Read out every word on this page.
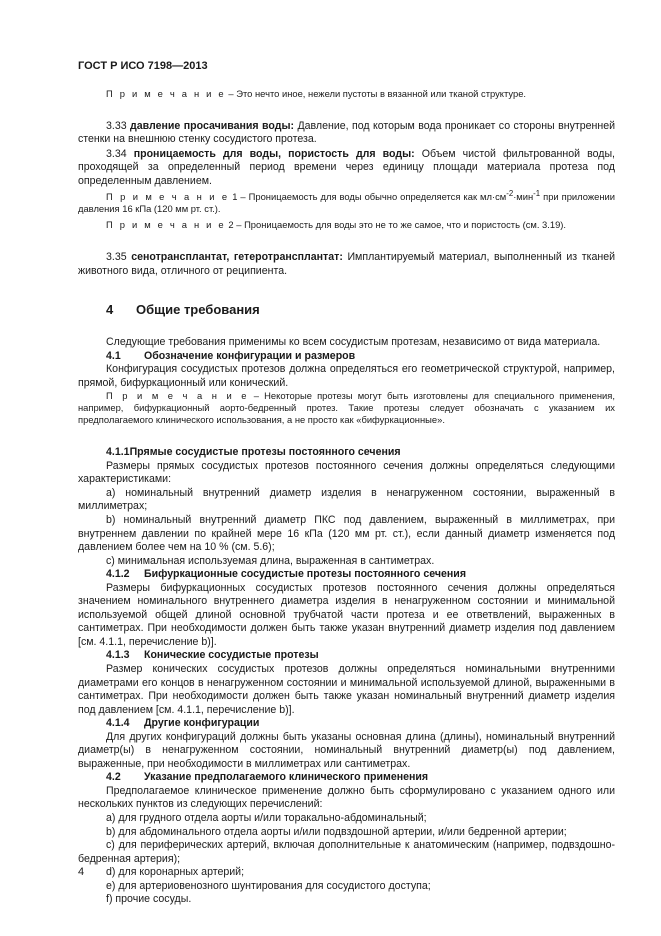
ГОСТ Р ИСО 7198—2013

П р и м е ч а н и е – Это нечто иное, нежели пустоты в вязанной или тканой структуре.

3.33 давление просачивания воды: Давление, под которым вода проникает со стороны внутренней стенки на внешнюю стенку сосудистого протеза.

3.34 проницаемость для воды, пористость для воды: Объем чистой фильтрованной воды, проходящей за определенный период времени через единицу площади материала протеза под определенным давлением.

П р и м е ч а н и е 1 – Проницаемость для воды обычно определяется как $мл\cdot см^{-2}\cdot мин^{-1}$ при приложении давления 16 кПа (120 мм рт. ст.).

П р и м е ч а н и е 2 – Проницаемость для воды это не то же самое, что и пористость (см. 3.19).

3.35 сенотрансплантат, гетеротрансплантат: Имплантируемый материал, выполненный из тканей животного вида, отличного от реципиента.

4 Общие требования

Следующие требования применимы ко всем сосудистым протезам, независимо от вида материала.

4.1 Обозначение конфигурации и размеров

Конфигурация сосудистых протезов должна определяться его геометрической структурой, например, прямой, бифуркационный или конический.

П р и м е ч а н и е – Некоторые протезы могут быть изготовлены для специального применения, например, бифуркационный аорто-бедренный протез. Такие протезы следует обозначать с указанием их предполагаемого клинического использования, а не просто как «бифуркационные».

4.1.1Прямые сосудистые протезы постоянного сечения

Размеры прямых сосудистых протезов постоянного сечения должны определяться следующими характеристиками:

а) номинальный внутренний диаметр изделия в ненагруженном состоянии, выраженный в миллиметрах;

b) номинальный внутренний диаметр ПКС под давлением, выраженный в миллиметрах, при внутреннем давлении по крайней мере 16 кПа (120 мм рт. ст.), если данный диаметр изменяется под давлением более чем на 10 % (см. 5.6);

с) минимальная используемая длина, выраженная в сантиметрах.

4.1.2 Бифуркационные сосудистые протезы постоянного сечения

Размеры бифуркационных сосудистых протезов постоянного сечения должны определяться значением номинального внутреннего диаметра изделия в ненагруженном состоянии и минимальной используемой общей длиной основной трубчатой части протеза и ее ответвлений, выраженных в сантиметрах. При необходимости должен быть также указан внутренний диаметр изделия под давлением [см. 4.1.1, перечисление b)].

4.1.3 Конические сосудистые протезы

Размер конических сосудистых протезов должны определяться номинальными внутренними диаметрами его концов в ненагруженном состоянии и минимальной используемой длиной, выраженными в сантиметрах. При необходимости должен быть также указан номинальный внутренний диаметр изделия под давлением [см. 4.1.1, перечисление b)].

4.1.4 Другие конфигурации

Для других конфигураций должны быть указаны основная длина (длины), номинальный внутренний диаметр(ы) в ненагруженном состоянии, номинальный внутренний диаметр(ы) под давлением, выраженные, при необходимости в миллиметрах или сантиметрах.

4.2 Указание предполагаемого клинического применения

Предполагаемое клиническое применение должно быть сформулировано с указанием одного или нескольких пунктов из следующих перечислений:

а) для грудного отдела аорты и/или торакально-абдоминальный;

b) для абдоминального отдела аорты и/или подвздошной артерии, и/или бедренной артерии;

с) для периферических артерий, включая дополнительные к анатомическим (например, подвздошно-бедренная артерия);

d) для коронарных артерий;

е) для артериовенозного шунтирования для сосудистого доступа;

f) прочие сосуды.

4
